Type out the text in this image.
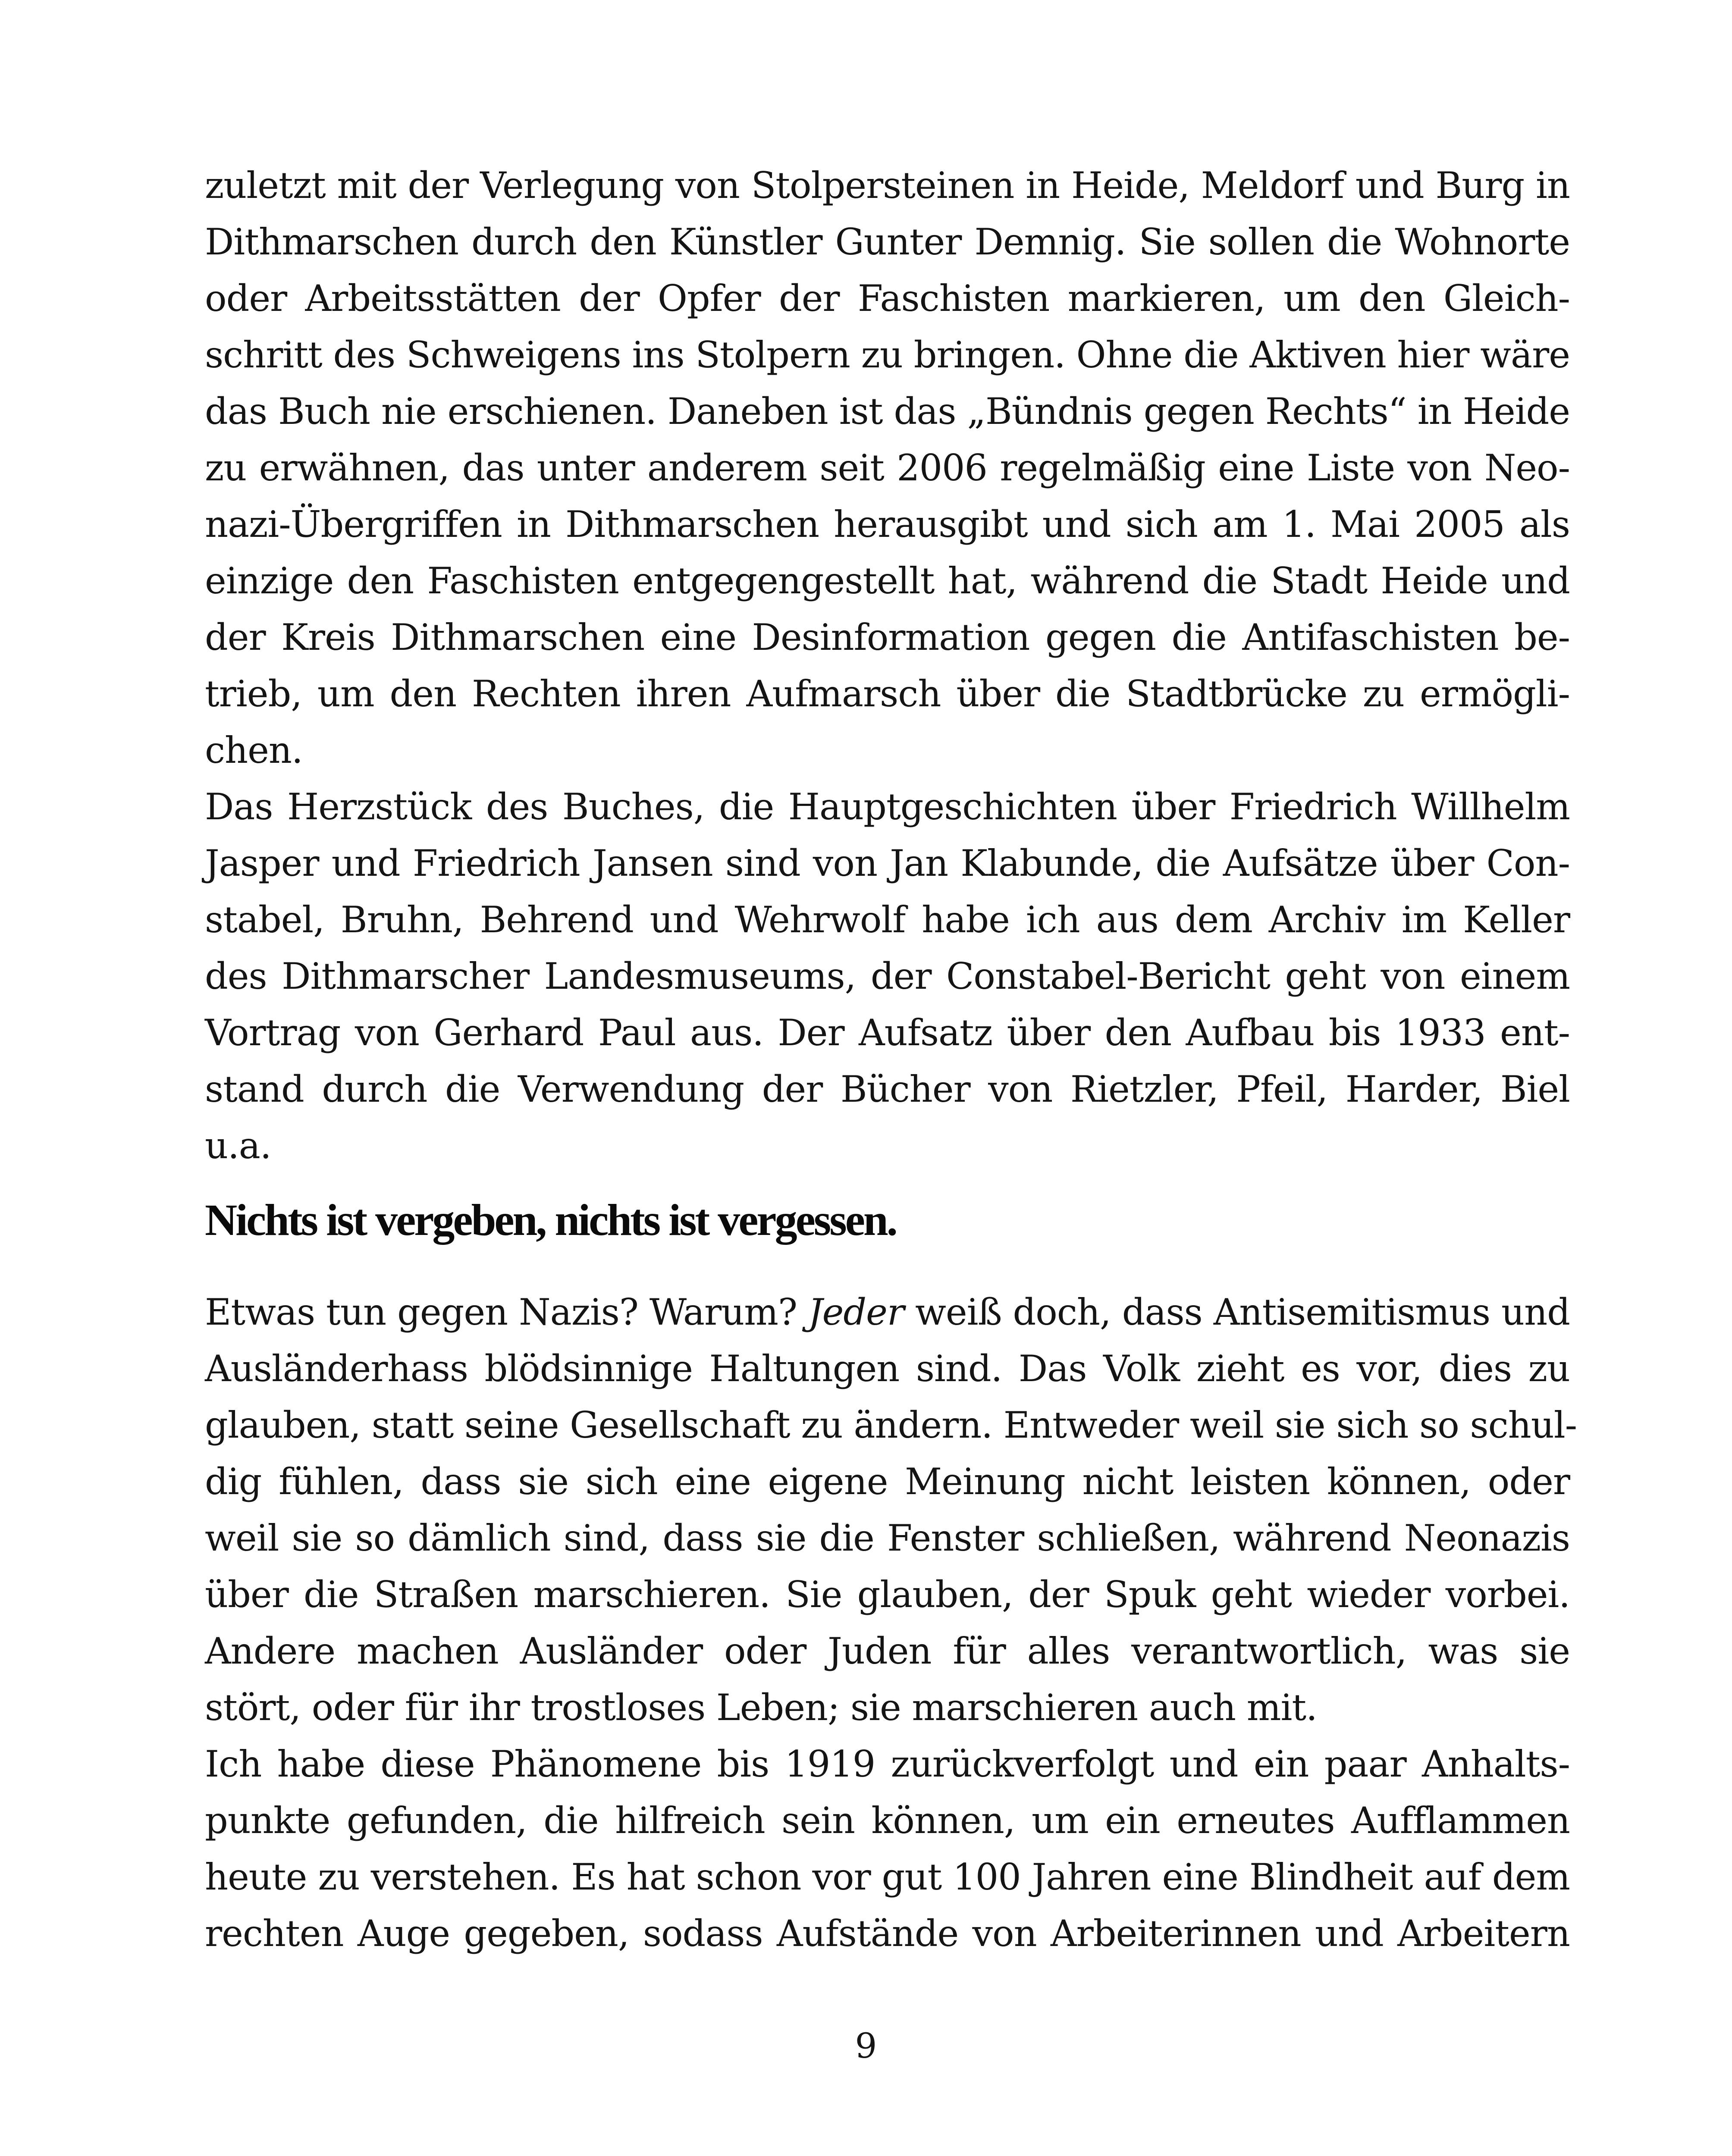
zuletzt mit der Verlegung von Stolpersteinen in Heide, Meldorf und Burg in
Dithmarschen durch den Künstler Gunter Demnig. Sie sollen die Wohnorte
oder Arbeitsstätten der Opfer der Faschisten markieren, um den Gleich-
schritt des Schweigens ins Stolpern zu bringen. Ohne die Aktiven hier wäre
das Buch nie erschienen. Daneben ist das „Bündnis gegen Rechts“ in Heide
zu erwähnen, das unter anderem seit 2006 regelmäßig eine Liste von Neo-
nazi-Übergriffen in Dithmarschen herausgibt und sich am 1. Mai 2005 als
einzige den Faschisten entgegengestellt hat, während die Stadt Heide und
der Kreis Dithmarschen eine Desinformation gegen die Antifaschisten be-
trieb, um den Rechten ihren Aufmarsch über die Stadtbrücke zu ermögli-
chen.
Das Herzstück des Buches, die Hauptgeschichten über Friedrich Willhelm
Jasper und Friedrich Jansen sind von Jan Klabunde, die Aufsätze über Con-
stabel, Bruhn, Behrend und Wehrwolf habe ich aus dem Archiv im Keller
des Dithmarscher Landesmuseums, der Constabel-Bericht geht von einem
Vortrag von Gerhard Paul aus. Der Aufsatz über den Aufbau bis 1933 ent-
stand durch die Verwendung der Bücher von Rietzler, Pfeil, Harder, Biel
u.a.
Nichts ist vergeben, nichts ist vergessen.
Etwas tun gegen Nazis? Warum? Jeder weiß doch, dass Antisemitismus und
Ausländerhass blödsinnige Haltungen sind. Das Volk zieht es vor, dies zu
glauben, statt seine Gesellschaft zu ändern. Entweder weil sie sich so schul-
dig fühlen, dass sie sich eine eigene Meinung nicht leisten können, oder
weil sie so dämlich sind, dass sie die Fenster schließen, während Neonazis
über die Straßen marschieren. Sie glauben, der Spuk geht wieder vorbei.
Andere machen Ausländer oder Juden für alles verantwortlich, was sie
stört, oder für ihr trostloses Leben; sie marschieren auch mit.
Ich habe diese Phänomene bis 1919 zurückverfolgt und ein paar Anhalts-
punkte gefunden, die hilfreich sein können, um ein erneutes Aufflammen
heute zu verstehen. Es hat schon vor gut 100 Jahren eine Blindheit auf dem
rechten Auge gegeben, sodass Aufstände von Arbeiterinnen und Arbeitern
9
